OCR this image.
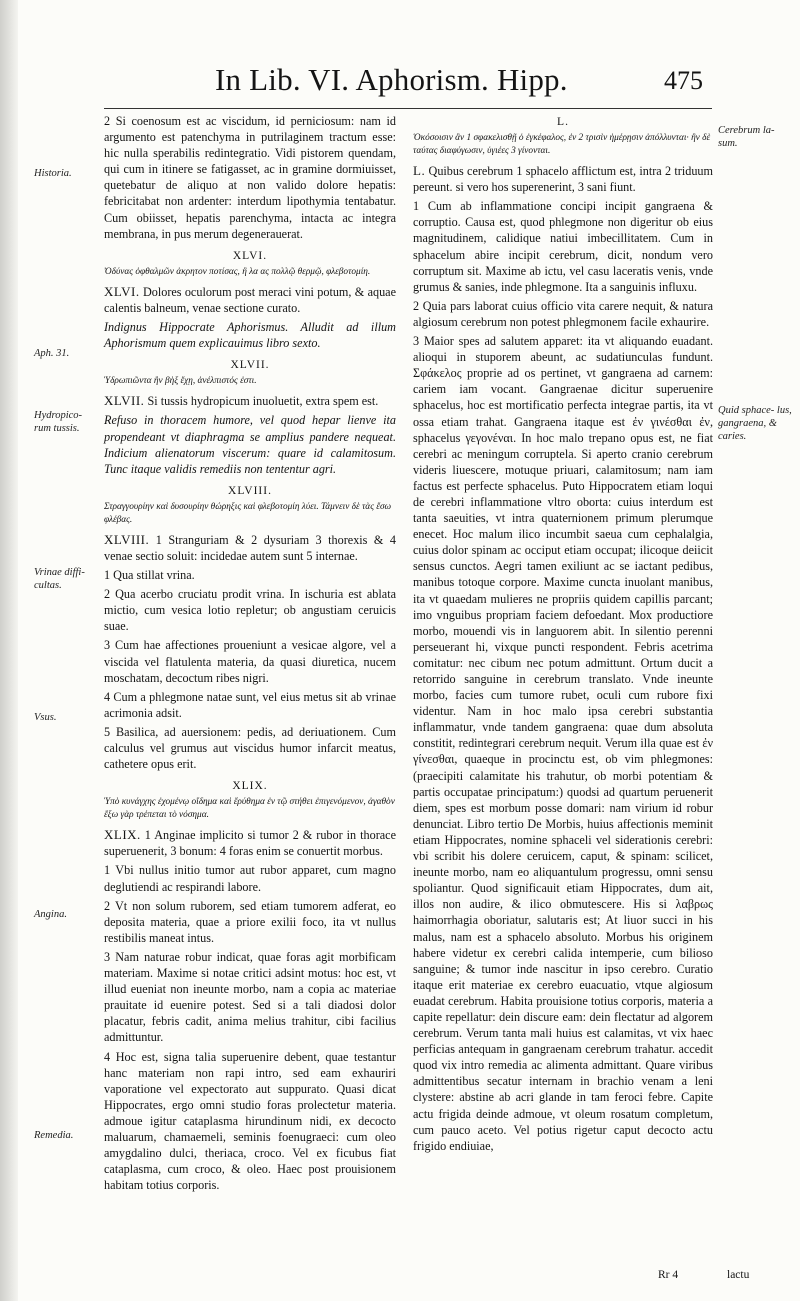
In Lib. VI. Aphorism. Hipp.	475
Historia.
Aph. 31.
Hydropico- rum tussis.
Vrinae diffi- cultas.
Vsus.
Angina.
Remedia.
Cerebrum la- sum.
Quid sphace- lus, gangraena, & caries.

2 Si coenosum est ac viscidum, id perniciosum: nam id argumento est patenchyma in putrilaginem tractum esse: hic nulla sperabilis redintegratio. Vidi pistorem quendam, qui cum in itinere se fatigasset, ac in gramine dormiuisset, quetebatur de aliquo at non valido dolore hepatis: febricitabat non ardenter: interdum lipothymia tentabatur. Cum obiisset, hepatis parenchyma, intacta ac integra membrana, in pus merum degenerauerat.

XLVI.
Ὀδύνας ὀφθαλμῶν ἀκρητον ποτίσας, ἢ λα ας πολλῷ θερμῷ, φλεβοτομίη.

XLVI. Dolores oculorum post meraci vini potum, & aquae calentis balneum, venae sectione curato.

Indignus Hippocrate Aphorismus. Alludit ad illum Aphorismum quem explicauimus libro sexto.

XLVII.
Ὑδρωπιῶντα ἢν βὴξ ἔχῃ, ἀνέλπιστός ἐστι.

XLVII. Si tussis hydropicum inuoluetit, extra spem est.

Refuso in thoracem humore, vel quod hepar lienve ita propendeant vt diaphragma se amplius pandere nequeat. Indicium alienatorum viscerum: quare id calamitosum. Tunc itaque validis remediis non tententur agri.

XLVIII.
Στραγγουρίην καὶ δυσουρίην θώρηξις καὶ φλεβοτομίη λύει. Τάμνειν δὲ τὰς ἔσω φλέβας.

XLVIII. 1 Stranguriam & 2 dysuriam 3 thorexis & 4 venae sectio soluit: incidedae autem sunt 5 internae.

1 Qua stillat vrina.

2 Qua acerbo cruciatu prodit vrina. In ischuria est ablata mictio, cum vesica lotio repletur; ob angustiam ceruicis suae.

3 Cum hae affectiones proueniunt a vesicae algore, vel a viscida vel flatulenta materia, da quasi diuretica, nucem moschatam, decoctum ribes nigri.

4 Cum a phlegmone natae sunt, vel eius metus sit ab vrinae acrimonia adsit.

5 Basilica, ad auersionem: pedis, ad deriuationem. Cum calculus vel grumus aut viscidus humor infarcit meatus, cathetere opus erit.

XLIX.
Ὑπὸ κυνάγχης ἐχομένῳ οἴδημα καὶ ἔρύθημα ἐν τῷ στήθει ἐπιγενόμενον, ἀγαθὸν ἔξω γὰρ τρέπεται τὸ νόσημα.

XLIX. 1 Anginae implicito si tumor 2 & rubor in thorace superuenerit, 3 bonum: 4 foras enim se conuertit morbus.

1 Vbi nullus initio tumor aut rubor apparet, cum magno deglutiendi ac respirandi labore.

2 Vt non solum ruborem, sed etiam tumorem adferat, eo deposita materia, quae a priore exilii foco, ita vt nullus restibilis maneat intus.

3 Nam naturae robur indicat, quae foras agit morbificam materiam. Maxime si notae critici adsint motus: hoc est, vt illud eueniat non ineunte morbo, nam a copia ac materiae prauitate id euenire potest. Sed si a tali diadosi dolor placatur, febris cadit, anima melius trahitur, cibi facilius admittuntur.

4 Hoc est, signa talia superuenire debent, quae testantur hanc materiam non rapi intro, sed eam exhauriri vaporatione vel expectorato aut suppurato. Quasi dicat Hippocrates, ergo omni studio foras prolectetur materia. admoue igitur cataplasma hirundinum nidi, ex decocto maluarum, chamaemeli, seminis foenugraeci: cum oleo amygdalino dulci, theriaca, croco. Vel ex ficubus fiat cataplasma, cum croco, & oleo. Haec post prouisionem habitam totius corporis.

L.
Ὁκόσοισιν ἂν 1 σφακελισθῇ ὁ ἐγκέφαλος, ἐν 2 τρισὶν ἡμέρῃσιν ἀπόλλυνται· ἢν δὲ ταύτας διαφύγωσιν, ὑγιέες 3 γίνονται.

L. Quibus cerebrum 1 sphacelo afflictum est, intra 2 triduum pereunt. si vero hos superenerint, 3 sani fiunt.

1 Cum ab inflammatione concipi incipit gangraena & corruptio. Causa est, quod phlegmone non digeritur ob eius magnitudinem, calidique natiui imbecillitatem. Cum in sphacelum abire incipit cerebrum, dicit, nondum vero corruptum sit. Maxime ab ictu, vel casu laceratis venis, vnde grumus & sanies, inde phlegmone. Ita a sanguinis influxu.

2 Quia pars laborat cuius officio vita carere nequit, & natura algiosum cerebrum non potest phlegmonem facile exhaurire.

3 Maior spes ad salutem apparet: ita vt aliquando euadant. alioqui in stuporem abeunt, ac sudatiunculas fundunt. Σφάκελος proprie ad os pertinet, vt gangraena ad carnem: cariem iam vocant. Gangraenae dicitur superuenire sphacelus, hoc est mortificatio perfecta integrae partis, ita vt ossa etiam trahat. Gangraena itaque est ἐν γινέσθαι ἐν, sphacelus γεγονέναι. In hoc malo trepano opus est, ne fiat cerebri ac meningum corruptela. Si aperto cranio cerebrum videris liuescere, motuque priuari, calamitosum; nam iam factus est perfecte sphacelus. Puto Hippocratem etiam loqui de cerebri inflammatione vltro oborta: cuius interdum est tanta saeuities, vt intra quaternionem primum plerumque enecet. Hoc malum ilico incumbit saeua cum cephalalgia, cuius dolor spinam ac occiput etiam occupat; ilicoque deiicit sensus cunctos. Aegri tamen exiliunt ac se iactant pedibus, manibus totoque corpore. Maxime cuncta inuolant manibus, ita vt quaedam mulieres ne propriis quidem capillis parcant; imo vnguibus propriam faciem defoedant. Mox productiore morbo, mouendi vis in languorem abit. In silentio perenni perseuerant hi, vixque puncti respondent. Febris acetrima comitatur: nec cibum nec potum admittunt. Ortum ducit a retorrido sanguine in cerebrum translato. Vnde ineunte morbo, facies cum tumore rubet, oculi cum rubore fixi videntur. Nam in hoc malo ipsa cerebri substantia inflammatur, vnde tandem gangraena: quae dum absoluta constitit, redintegrari cerebrum nequit. Verum illa quae est ἐν γίνεσθαι, quaeque in procinctu est, ob vim phlegmones: (praecipiti calamitate his trahutur, ob morbi potentiam & partis occupatae principatum:) quodsi ad quartum peruenerit diem, spes est morbum posse domari: nam virium id robur denunciat. Libro tertio De Morbis, huius affectionis meminit etiam Hippocrates, nomine sphaceli vel siderationis cerebri: vbi scribit his dolere ceruicem, caput, & spinam: scilicet, ineunte morbo, nam eo aliquantulum progressu, omni sensu spoliantur. Quod significauit etiam Hippocrates, dum ait, illos non audire, & ilico obmutescere. His si λαβρως haimorrhagia oboriatur, salutaris est; At liuor succi in his malus, nam est a sphacelo absoluto. Morbus his originem habere videtur ex cerebri calida intemperie, cum bilioso sanguine; & tumor inde nascitur in ipso cerebro. Curatio itaque erit materiae ex cerebro euacuatio, vtque algiosum euadat cerebrum. Habita prouisione totius corporis, materia a capite repellatur: dein discure eam: dein flectatur ad algorem cerebrum. Verum tanta mali huius est calamitas, vt vix haec perficias antequam in gangraenam cerebrum trahatur. accedit quod vix intro remedia ac alimenta admittant. Quare viribus admittentibus secatur internam in brachio venam a leni clystere: abstine ab acri glande in tam feroci febre. Capite actu frigida deinde admoue, vt oleum rosatum completum, cum pauco aceto. Vel potius rigetur caput decocto actu frigido endiuiae,

Rr 4	lactu
